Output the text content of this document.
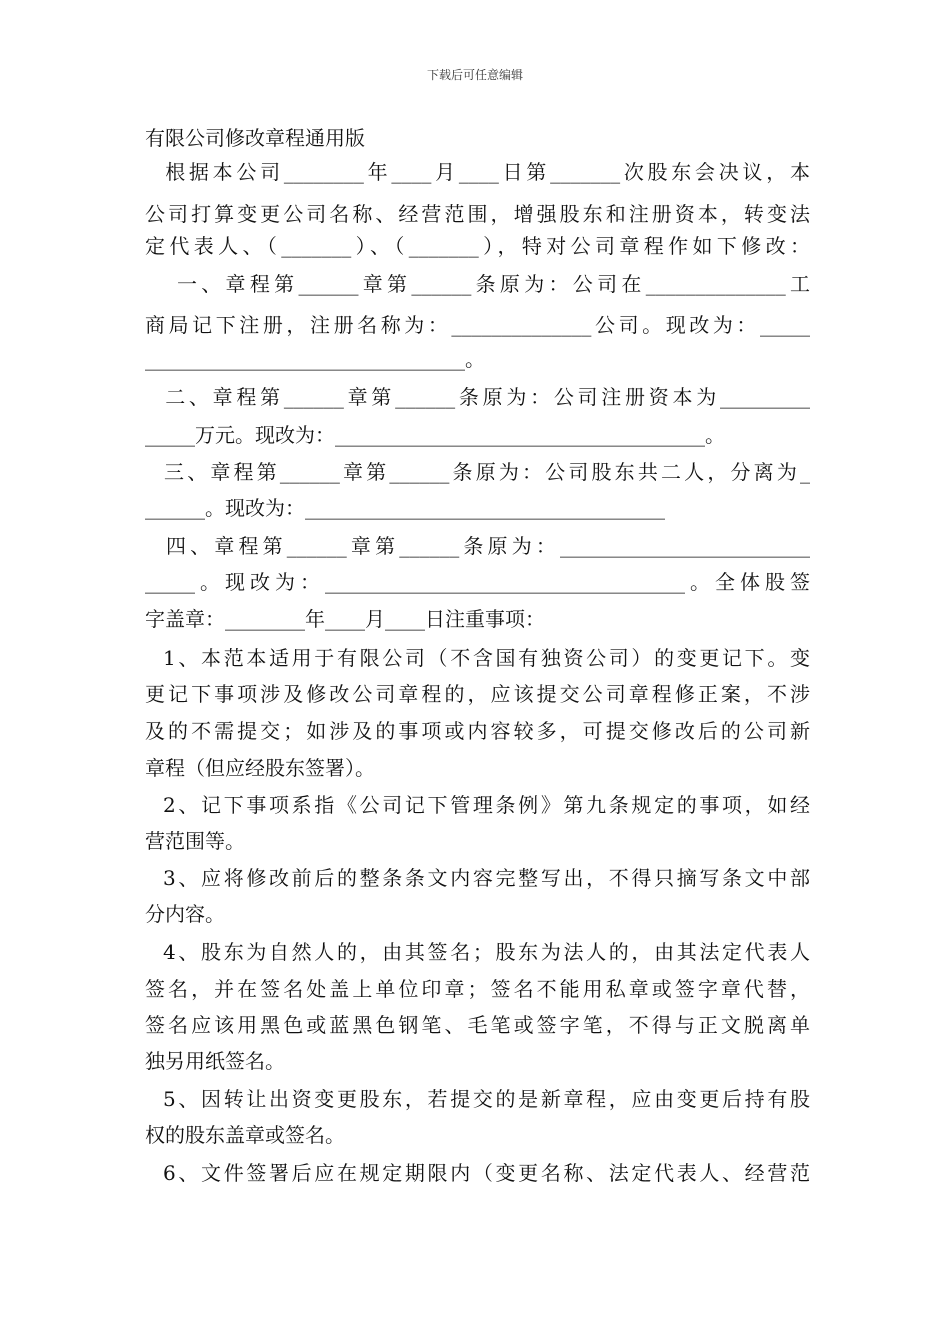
下载后可任意编辑
有限公司修改章程通用版
根据本公司________年____月____日第_______次股东会决议，本
公司打算变更公司名称、经营范围，增强股东和注册资本，转变法
定代表人、（_______）、（_______），特对公司章程作如下修改：
一、章程第______章第______条原为：公司在______________工
商局记下注册，注册名称为：______________公司。现改为：_____
________________________________。
二、章程第______章第______条原为：公司注册资本为_________
_____万元。现改为：_____________________________________。
三、章程第______章第______条原为：公司股东共二人，分离为_
______。现改为：____________________________________
四、章程第______章第______条原为：_________________________
_____。现改为：____________________________________。全体股签
字盖章：________年____月____日注重事项：
1、本范本适用于有限公司（不含国有独资公司）的变更记下。变
更记下事项涉及修改公司章程的，应该提交公司章程修正案，不涉
及的不需提交；如涉及的事项或内容较多，可提交修改后的公司新
章程（但应经股东签署）。
2、记下事项系指《公司记下管理条例》第九条规定的事项，如经
营范围等。
3、应将修改前后的整条条文内容完整写出，不得只摘写条文中部
分内容。
4、股东为自然人的，由其签名；股东为法人的，由其法定代表人
签名，并在签名处盖上单位印章；签名不能用私章或签字章代替，
签名应该用黑色或蓝黑色钢笔、毛笔或签字笔，不得与正文脱离单
独另用纸签名。
5、因转让出资变更股东，若提交的是新章程，应由变更后持有股
权的股东盖章或签名。
6、文件签署后应在规定期限内（变更名称、法定代表人、经营范
